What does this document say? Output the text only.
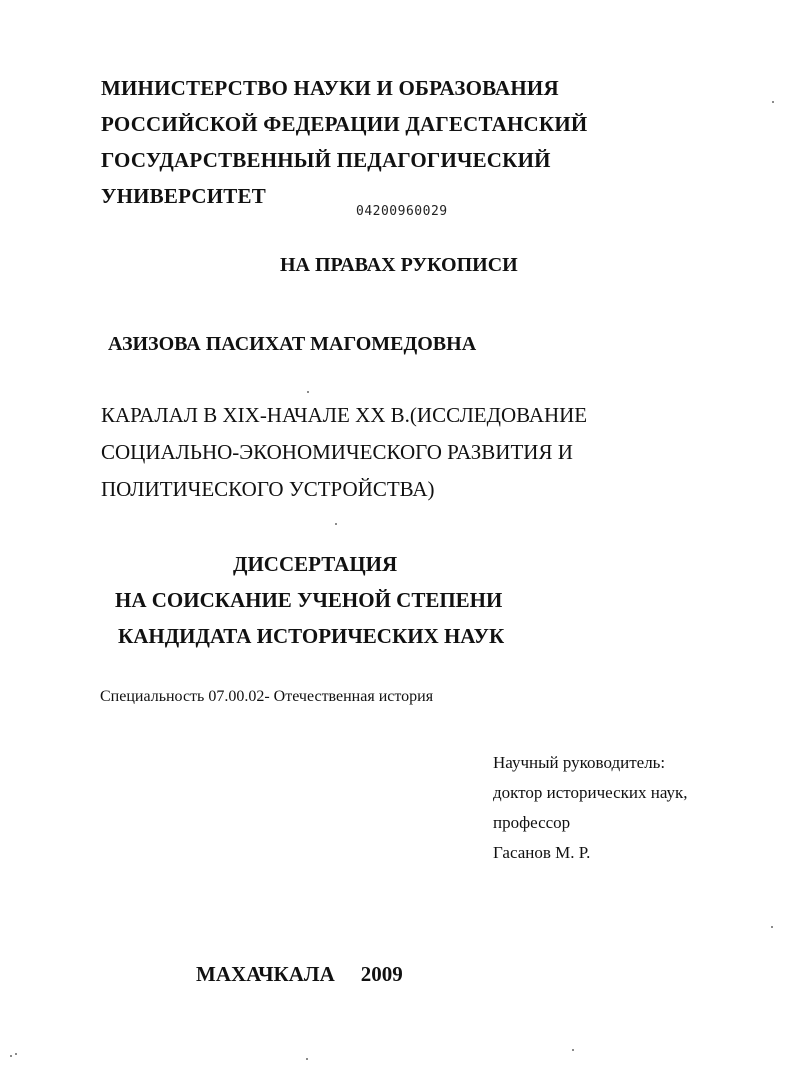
МИНИСТЕРСТВО НАУКИ И ОБРАЗОВАНИЯ
РОССИЙСКОЙ ФЕДЕРАЦИИ ДАГЕСТАНСКИЙ
ГОСУДАРСТВЕННЫЙ ПЕДАГОГИЧЕСКИЙ
УНИВЕРСИТЕТ
04200960029
НА ПРАВАХ РУКОПИСИ
АЗИЗОВА ПАСИХАТ МАГОМЕДОВНА
КАРАЛАЛ В XIX-НАЧАЛЕ XX В.(ИССЛЕДОВАНИЕ
СОЦИАЛЬНО-ЭКОНОМИЧЕСКОГО РАЗВИТИЯ И
ПОЛИТИЧЕСКОГО УСТРОЙСТВА)
ДИССЕРТАЦИЯ
НА СОИСКАНИЕ УЧЕНОЙ СТЕПЕНИ
КАНДИДАТА ИСТОРИЧЕСКИХ НАУК
Специальность 07.00.02- Отечественная история
Научный руководитель:
доктор исторических наук,
профессор
Гасанов М. Р.
МАХАЧКАЛА 2009
